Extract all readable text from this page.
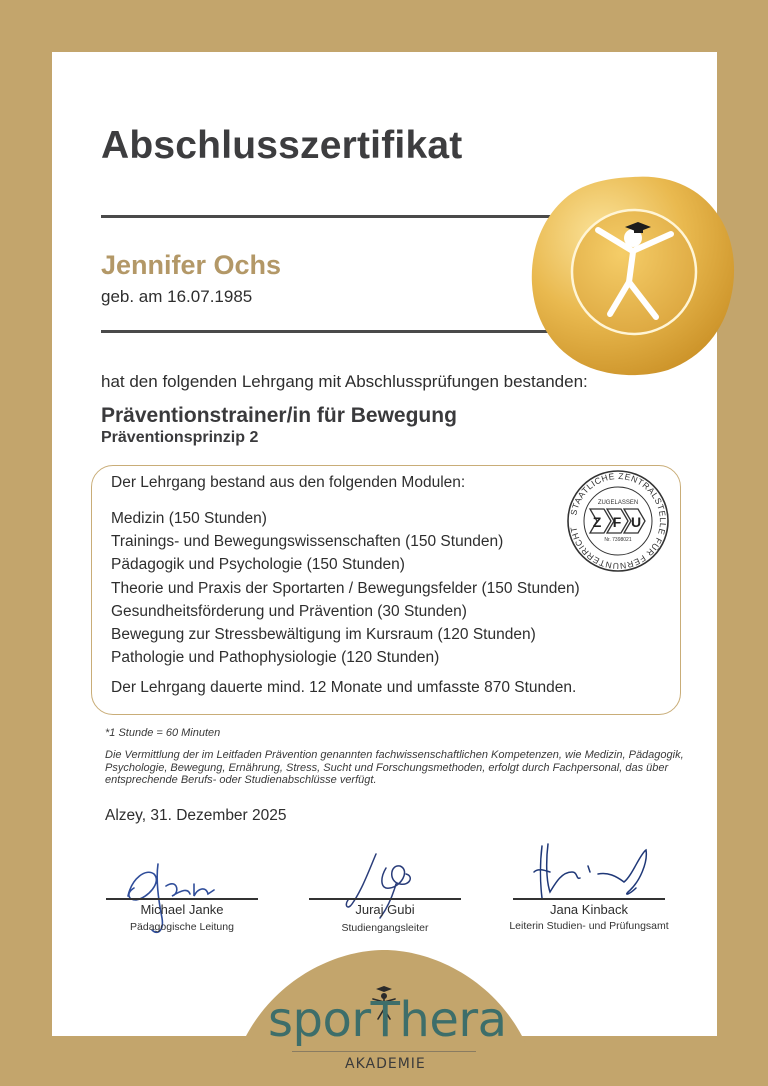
Abschlusszertifikat
Jennifer Ochs
geb. am 16.07.1985
hat den folgenden Lehrgang mit Abschlussprüfungen bestanden:
Präventionstrainer/in für Bewegung
Präventionsprinzip 2
Der Lehrgang bestand aus den folgenden Modulen:
Medizin (150 Stunden)
Trainings- und Bewegungswissenschaften (150 Stunden)
Pädagogik und Psychologie (150 Stunden)
Theorie und Praxis der Sportarten / Bewegungsfelder (150 Stunden)
Gesundheitsförderung und Prävention (30 Stunden)
Bewegung zur Stressbewältigung im Kursraum (120 Stunden)
Pathologie und Pathophysiologie (120 Stunden)
Der Lehrgang dauerte mind. 12 Monate und umfasste 870 Stunden.
STAATLICHE ZENTRALSTELLE FÜR FERNUNTERRICHT
ZUGELASSEN
Z F U
Nr. 7398021
*1 Stunde = 60 Minuten

Die Vermittlung der im Leitfaden Prävention genannten fachwissenschaftlichen Kompetenzen, wie Medizin, Pädagogik, Psychologie, Bewegung, Ernährung, Stress, Sucht und Forschungsmethoden, erfolgt durch Fachpersonal, das über entsprechende Berufs- oder Studienabschlüsse verfügt.

Alzey, 31. Dezember 2025
Michael Janke
Pädagogische Leitung
Juraj Gubi
Studiengangsleiter
Jana Kinback
Leiterin Studien- und Prüfungsamt
sporThera
AKADEMIE
